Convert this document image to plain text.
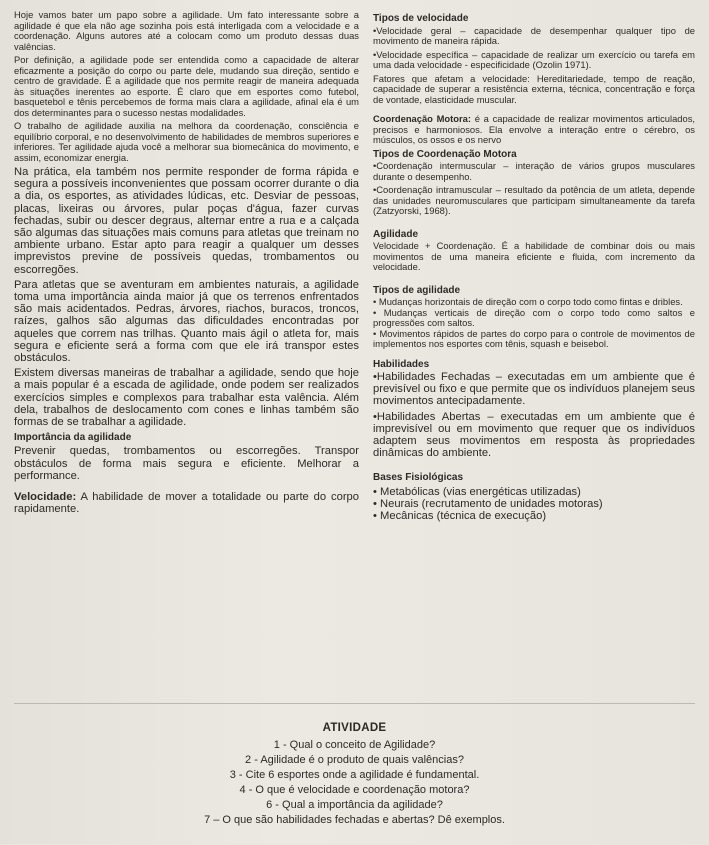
Hoje vamos bater um papo sobre a agilidade. Um fato interessante sobre a agilidade é que ela não age sozinha pois está interligada com a velocidade e a coordenação. Alguns autores até a colocam como um produto dessas duas valências.

Por definição, a agilidade pode ser entendida como a capacidade de alterar eficazmente a posição do corpo ou parte dele, mudando sua direção, sentido e centro de gravidade. É a agilidade que nos permite reagir de maneira adequada às situações inerentes ao esporte. É claro que em esportes como futebol, basquetebol e tênis percebemos de forma mais clara a agilidade, afinal ela é um dos determinantes para o sucesso nestas modalidades.

O trabalho de agilidade auxilia na melhora da coordenação, consciência e equilíbrio corporal, e no desenvolvimento de habilidades de membros superiores e inferiores. Ter agilidade ajuda você a melhorar sua biomecânica do movimento, e assim, economizar energia.

Na prática, ela também nos permite responder de forma rápida e segura a possíveis inconvenientes que possam ocorrer durante o dia a dia, os esportes, as atividades lúdicas, etc. Desviar de pessoas, placas, lixeiras ou árvores, pular poças d'água, fazer curvas fechadas, subir ou descer degraus, alternar entre a rua e a calçada são algumas das situações mais comuns para atletas que treinam no ambiente urbano. Estar apto para reagir a qualquer um desses imprevistos previne de possíveis quedas, trombamentos ou escorregões.

Para atletas que se aventuram em ambientes naturais, a agilidade toma uma importância ainda maior já que os terrenos enfrentados são mais acidentados. Pedras, árvores, riachos, buracos, troncos, raízes, galhos são algumas das dificuldades encontradas por aqueles que correm nas trilhas. Quanto mais ágil o atleta for, mais segura e eficiente será a forma com que ele irá transpor estes obstáculos.

Existem diversas maneiras de trabalhar a agilidade, sendo que hoje a mais popular é a escada de agilidade, onde podem ser realizados exercícios simples e complexos para trabalhar esta valência. Além dela, trabalhos de deslocamento com cones e linhas também são formas de se trabalhar a agilidade.

Importância da agilidade

Prevenir quedas, trombamentos ou escorregões. Transpor obstáculos de forma mais segura e eficiente. Melhorar a performance.

Velocidade: A habilidade de mover a totalidade ou parte do corpo rapidamente.

Tipos de velocidade

•Velocidade geral – capacidade de desempenhar qualquer tipo de movimento de maneira rápida.

•Velocidade específica – capacidade de realizar um exercício ou tarefa em uma dada velocidade - especificidade (Ozolin 1971).

Fatores que afetam a velocidade: Hereditariedade, tempo de reação, capacidade de superar a resistência externa, técnica, concentração e força de vontade, elasticidade muscular.

Coordenação Motora: é a capacidade de realizar movimentos articulados, precisos e harmoniosos. Ela envolve a interação entre o cérebro, os músculos, os ossos e os nervo

Tipos de Coordenação Motora

•Coordenação intermuscular – interação de vários grupos musculares durante o desempenho.

•Coordenação intramuscular – resultado da potência de um atleta, depende das unidades neuromusculares que participam simultaneamente da tarefa (Zatzyorski, 1968).

Agilidade

Velocidade + Coordenação. É a habilidade de combinar dois ou mais movimentos de uma maneira eficiente e fluida, com incremento da velocidade.

Tipos de agilidade

• Mudanças horizontais de direção com o corpo todo como fintas e dribles.

• Mudanças verticais de direção com o corpo todo como saltos e progressões com saltos.

• Movimentos rápidos de partes do corpo para o controle de movimentos de implementos nos esportes com tênis, squash e beisebol.

Habilidades

•Habilidades Fechadas – executadas em um ambiente que é previsível ou fixo e que permite que os indivíduos planejem seus movimentos antecipadamente.

•Habilidades Abertas – executadas em um ambiente que é imprevisível ou em movimento que requer que os indivíduos adaptem seus movimentos em resposta às propriedades dinâmicas do ambiente.

Bases Fisiológicas

• Metabólicas (vias energéticas utilizadas)

• Neurais (recrutamento de unidades motoras)

• Mecânicas (técnica de execução)

ATIVIDADE
1 - Qual o conceito de Agilidade?
2 - Agilidade é o produto de quais valências?
3 - Cite 6 esportes onde a agilidade é fundamental.
4 - O que é velocidade e coordenação motora?
6 - Qual a importância da agilidade?
7 – O que são habilidades fechadas e abertas? Dê exemplos.
